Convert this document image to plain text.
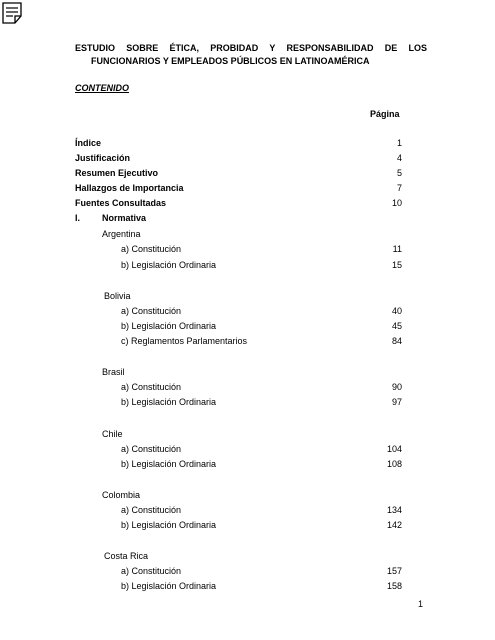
ESTUDIO SOBRE ÉTICA, PROBIDAD Y RESPONSABILIDAD DE LOS
FUNCIONARIOS Y EMPLEADOS PÚBLICOS EN LATINOAMÉRICA
CONTENIDO
Página
Índice	1
Justificación	4
Resumen Ejecutivo	5
Hallazgos de Importancia	7
Fuentes Consultadas	10
I. Normativa
Argentina
a) Constitución	11
b) Legislación Ordinaria	15
Bolivia
a) Constitución	40
b) Legislación Ordinaria	45
c) Reglamentos Parlamentarios	84
Brasil
a) Constitución	90
b) Legislación Ordinaria	97
Chile
a) Constitución	104
b) Legislación Ordinaria	108
Colombia
a) Constitución	134
b) Legislación Ordinaria	142
Costa Rica
a) Constitución	157
b) Legislación Ordinaria	158
1
